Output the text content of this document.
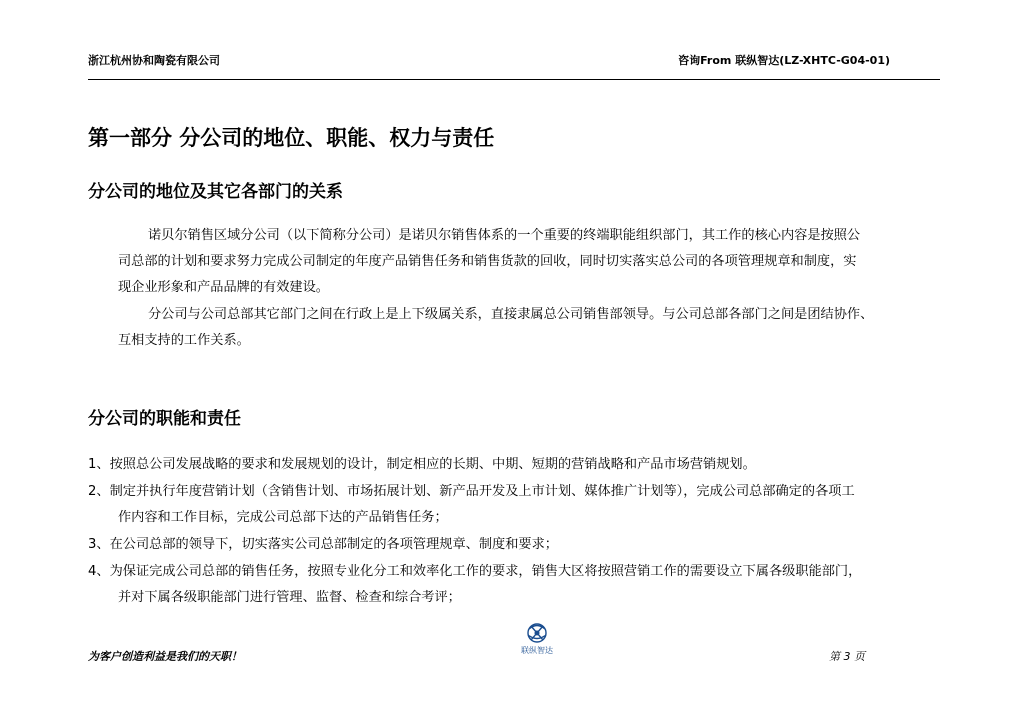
浙江杭州协和陶瓷有限公司	咨询From 联纵智达(LZ-XHTC-G04-01)
第一部分 分公司的地位、职能、权力与责任
分公司的地位及其它各部门的关系
诺贝尔销售区域分公司（以下简称分公司）是诺贝尔销售体系的一个重要的终端职能组织部门，其工作的核心内容是按照公
司总部的计划和要求努力完成公司制定的年度产品销售任务和销售货款的回收，同时切实落实总公司的各项管理规章和制度，实
现企业形象和产品品牌的有效建设。
分公司与公司总部其它部门之间在行政上是上下级属关系，直接隶属总公司销售部领导。与公司总部各部门之间是团结协作、
互相支持的工作关系。
分公司的职能和责任
1、按照总公司发展战略的要求和发展规划的设计，制定相应的长期、中期、短期的营销战略和产品市场营销规划。
2、制定并执行年度营销计划（含销售计划、市场拓展计划、新产品开发及上市计划、媒体推广计划等），完成公司总部确定的各项工
作内容和工作目标，完成公司总部下达的产品销售任务；
3、在公司总部的领导下，切实落实公司总部制定的各项管理规章、制度和要求；
4、为保证完成公司总部的销售任务，按照专业化分工和效率化工作的要求，销售大区将按照营销工作的需要设立下属各级职能部门，
并对下属各级职能部门进行管理、监督、检查和综合考评；
为客户创造利益是我们的天职！	联纵智达	第 3 页
